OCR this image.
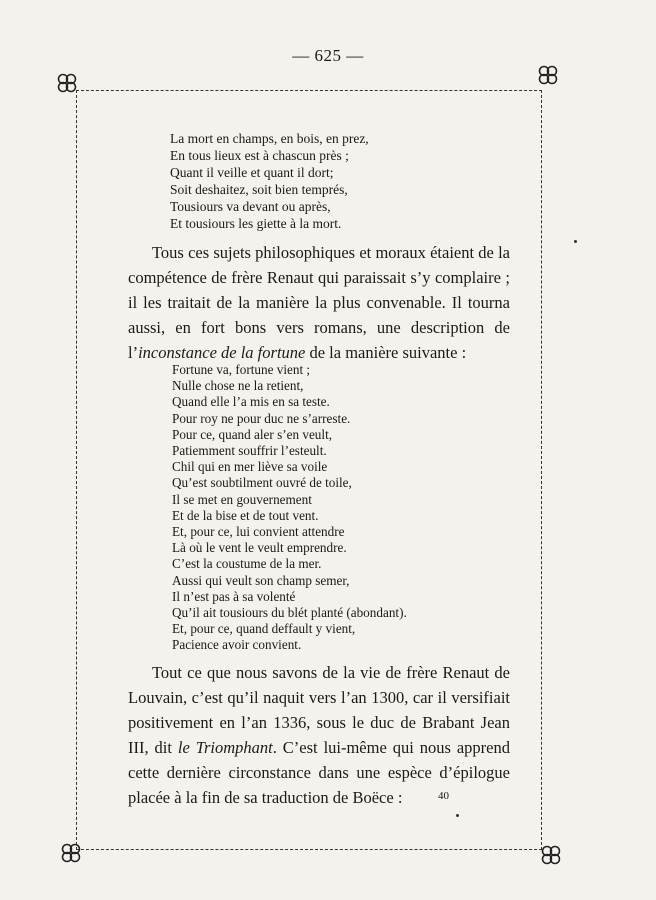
— 625 —
La mort en champs, en bois, en prez,
En tous lieux est à chascun près ;
Quant il veille et quant il dort;
Soit deshaitez, soit bien temprés,
Tousiours va devant ou après,
Et tousiours les giette à la mort.
Tous ces sujets philosophiques et moraux étaient de la compétence de frère Renaut qui paraissait s’y complaire ; il les traitait de la manière la plus convenable. Il tourna aussi, en fort bons vers romans, une description de l’inconstance de la fortune de la manière suivante :
Fortune va, fortune vient ;
Nulle chose ne la retient,
Quand elle l’a mis en sa teste.
Pour roy ne pour duc ne s’arreste.
Pour ce, quand aler s’en veult,
Patiemment souffrir l’esteult.
Chil qui en mer liève sa voile
Qu’est soubtilment ouvré de toile,
Il se met en gouvernement
Et de la bise et de tout vent.
Et, pour ce, lui convient attendre
Là où le vent le veult emprendre.
C’est la coustume de la mer.
Aussi qui veult son champ semer,
Il n’est pas à sa volenté
Qu’il ait tousiours du blét planté (abondant).
Et, pour ce, quand deffault y vient,
Pacience avoir convient.
Tout ce que nous savons de la vie de frère Renaut de Louvain, c’est qu’il naquit vers l’an 1300, car il versifiait positivement en l’an 1336, sous le duc de Brabant Jean III, dit le Triomphant. C’est lui-même qui nous apprend cette dernière circonstance dans une espèce d’épilogue placée à la fin de sa traduction de Boëce :	40
